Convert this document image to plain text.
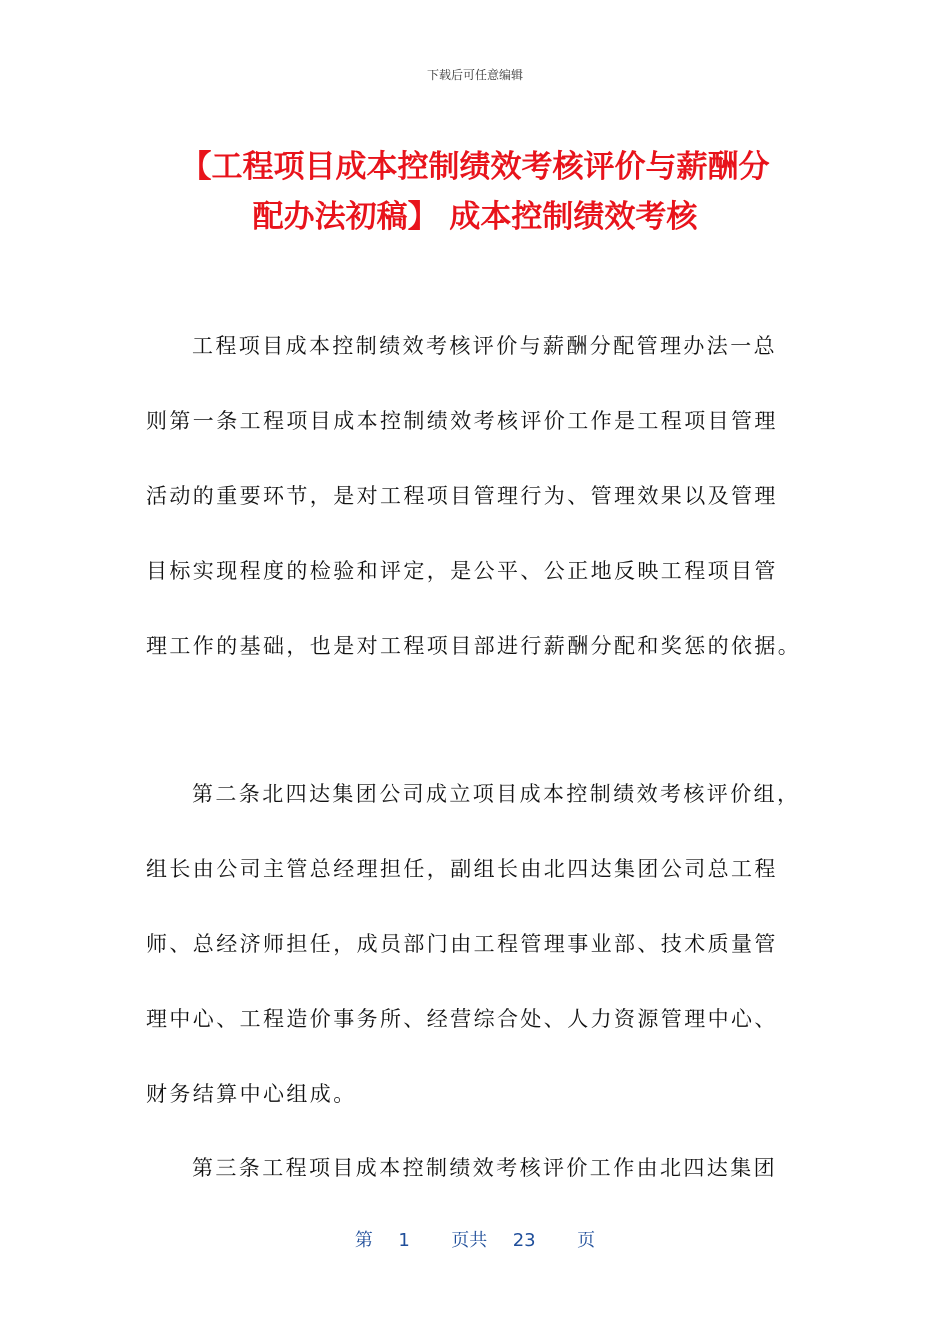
下载后可任意编辑
【工程项目成本控制绩效考核评价与薪酬分
配办法初稿】 成本控制绩效考核
工程项目成本控制绩效考核评价与薪酬分配管理办法一总
则第一条工程项目成本控制绩效考核评价工作是工程项目管理
活动的重要环节，是对工程项目管理行为、管理效果以及管理
目标实现程度的检验和评定，是公平、公正地反映工程项目管
理工作的基础，也是对工程项目部进行薪酬分配和奖惩的依据。
第二条北四达集团公司成立项目成本控制绩效考核评价组，
组长由公司主管总经理担任，副组长由北四达集团公司总工程
师、总经济师担任，成员部门由工程管理事业部、技术质量管
理中心、工程造价事务所、经营综合处、人力资源管理中心、
财务结算中心组成。
第三条工程项目成本控制绩效考核评价工作由北四达集团
第 1 页共 23 页
